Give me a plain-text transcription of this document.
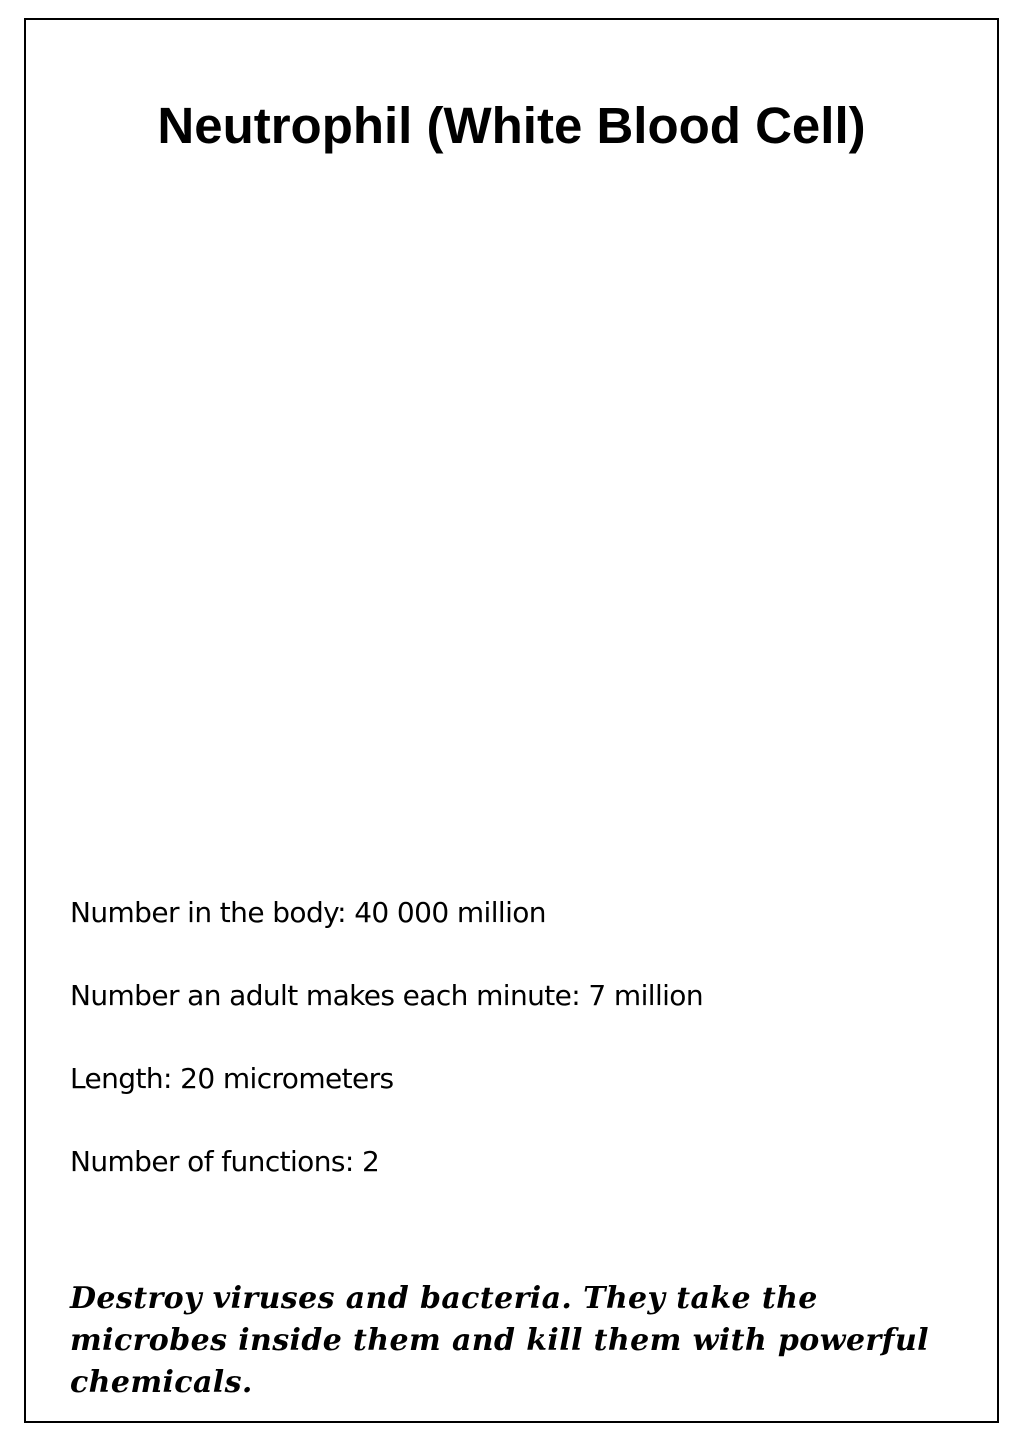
Neutrophil (White Blood Cell)
Number in the body: 40 000 million
Number an adult makes each minute: 7 million
Length: 20 micrometers
Number of functions: 2

Destroy viruses and bacteria. They take the microbes inside them and kill them with powerful chemicals.
